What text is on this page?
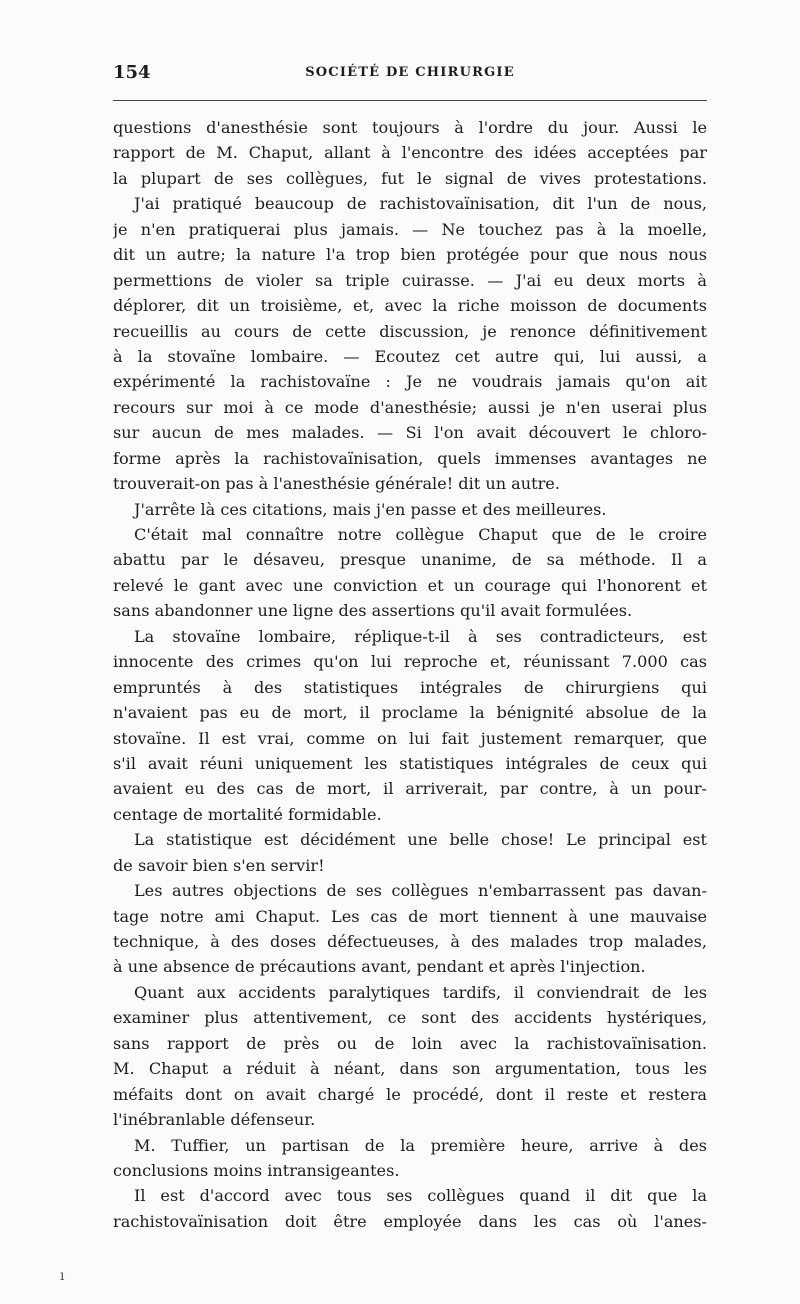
154	SOCIÉTÉ DE CHIRURGIE
questions d'anesthésie sont toujours à l'ordre du jour. Aussi le
rapport de M. Chaput, allant à l'encontre des idées acceptées par
la plupart de ses collègues, fut le signal de vives protestations.
J'ai pratiqué beaucoup de rachistovaïnisation, dit l'un de nous,
je n'en pratiquerai plus jamais. — Ne touchez pas à la moelle,
dit un autre; la nature l'a trop bien protégée pour que nous nous
permettions de violer sa triple cuirasse. — J'ai eu deux morts à
déplorer, dit un troisième, et, avec la riche moisson de documents
recueillis au cours de cette discussion, je renonce définitivement
à la stovaïne lombaire. — Ecoutez cet autre qui, lui aussi, a
expérimenté la rachistovaïne : Je ne voudrais jamais qu'on ait
recours sur moi à ce mode d'anesthésie; aussi je n'en userai plus
sur aucun de mes malades. — Si l'on avait découvert le chloro-
forme après la rachistovaïnisation, quels immenses avantages ne
trouverait-on pas à l'anesthésie générale! dit un autre.
J'arrête là ces citations, mais j'en passe et des meilleures.
C'était mal connaître notre collègue Chaput que de le croire
abattu par le désaveu, presque unanime, de sa méthode. Il a
relevé le gant avec une conviction et un courage qui l'honorent et
sans abandonner une ligne des assertions qu'il avait formulées.
La stovaïne lombaire, réplique-t-il à ses contradicteurs, est
innocente des crimes qu'on lui reproche et, réunissant 7.000 cas
empruntés à des statistiques intégrales de chirurgiens qui
n'avaient pas eu de mort, il proclame la bénignité absolue de la
stovaïne. Il est vrai, comme on lui fait justement remarquer, que
s'il avait réuni uniquement les statistiques intégrales de ceux qui
avaient eu des cas de mort, il arriverait, par contre, à un pour-
centage de mortalité formidable.
La statistique est décidément une belle chose! Le principal est
de savoir bien s'en servir!
Les autres objections de ses collègues n'embarrassent pas davan-
tage notre ami Chaput. Les cas de mort tiennent à une mauvaise
technique, à des doses défectueuses, à des malades trop malades,
à une absence de précautions avant, pendant et après l'injection.
Quant aux accidents paralytiques tardifs, il conviendrait de les
examiner plus attentivement, ce sont des accidents hystériques,
sans rapport de près ou de loin avec la rachistovaïnisation.
M. Chaput a réduit à néant, dans son argumentation, tous les
méfaits dont on avait chargé le procédé, dont il reste et restera
l'inébranlable défenseur.
M. Tuffier, un partisan de la première heure, arrive à des
conclusions moins intransigeantes.
Il est d'accord avec tous ses collègues quand il dit que la
rachistovaïnisation doit être employée dans les cas où l'anes-
ı
